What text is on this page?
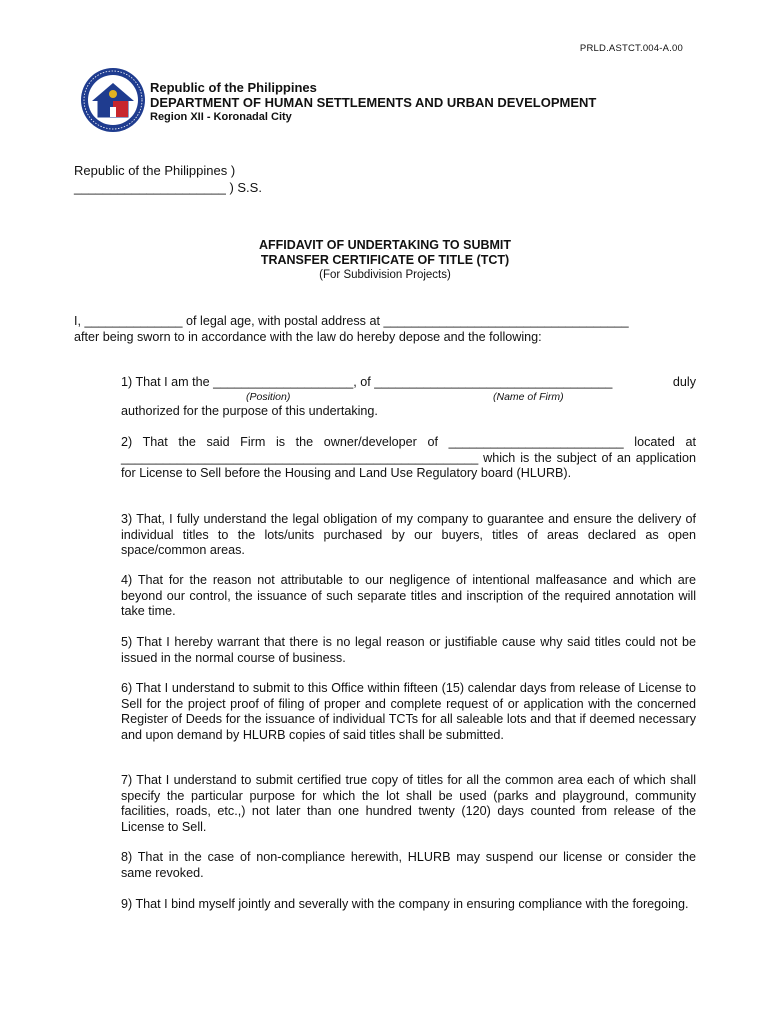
PRLD.ASTCT.004-A.00
Republic of the Philippines
DEPARTMENT OF HUMAN SETTLEMENTS AND URBAN DEVELOPMENT
Region XII - Koronadal City
Republic of the Philippines )
_____________________ ) S.S.
AFFIDAVIT OF UNDERTAKING TO SUBMIT
TRANSFER CERTIFICATE OF TITLE (TCT)
(For Subdivision Projects)
I, ______________ of legal age, with postal address at ___________________________________
after being sworn to in accordance with the law do hereby depose and the following:
1) That I am the ____________________, of __________________________________	duly
(Position)	(Name of Firm)
authorized for the purpose of this undertaking.
2) That the said Firm is the owner/developer of _________________________ located at ___________________________________________________ which is the subject of an application for License to Sell before the Housing and Land Use Regulatory board (HLURB).
3) That, I fully understand the legal obligation of my company to guarantee and ensure the delivery of individual titles to the lots/units purchased by our buyers, titles of areas declared as open space/common areas.
4) That for the reason not attributable to our negligence of intentional malfeasance and which are beyond our control, the issuance of such separate titles and inscription of the required annotation will take time.
5) That I hereby warrant that there is no legal reason or justifiable cause why said titles could not be issued in the normal course of business.
6) That I understand to submit to this Office within fifteen (15) calendar days from release of License to Sell for the project proof of filing of proper and complete request of or application with the concerned Register of Deeds for the issuance of individual TCTs for all saleable lots and that if deemed necessary and upon demand by HLURB copies of said titles shall be submitted.
7) That I understand to submit certified true copy of titles for all the common area each of which shall specify the particular purpose for which the lot shall be used (parks and playground, community facilities, roads, etc.,) not later than one hundred twenty (120) days counted from release of the License to Sell.
8) That in the case of non-compliance herewith, HLURB may suspend our license or consider the same revoked.
9) That I bind myself jointly and severally with the company in ensuring compliance with the foregoing.
